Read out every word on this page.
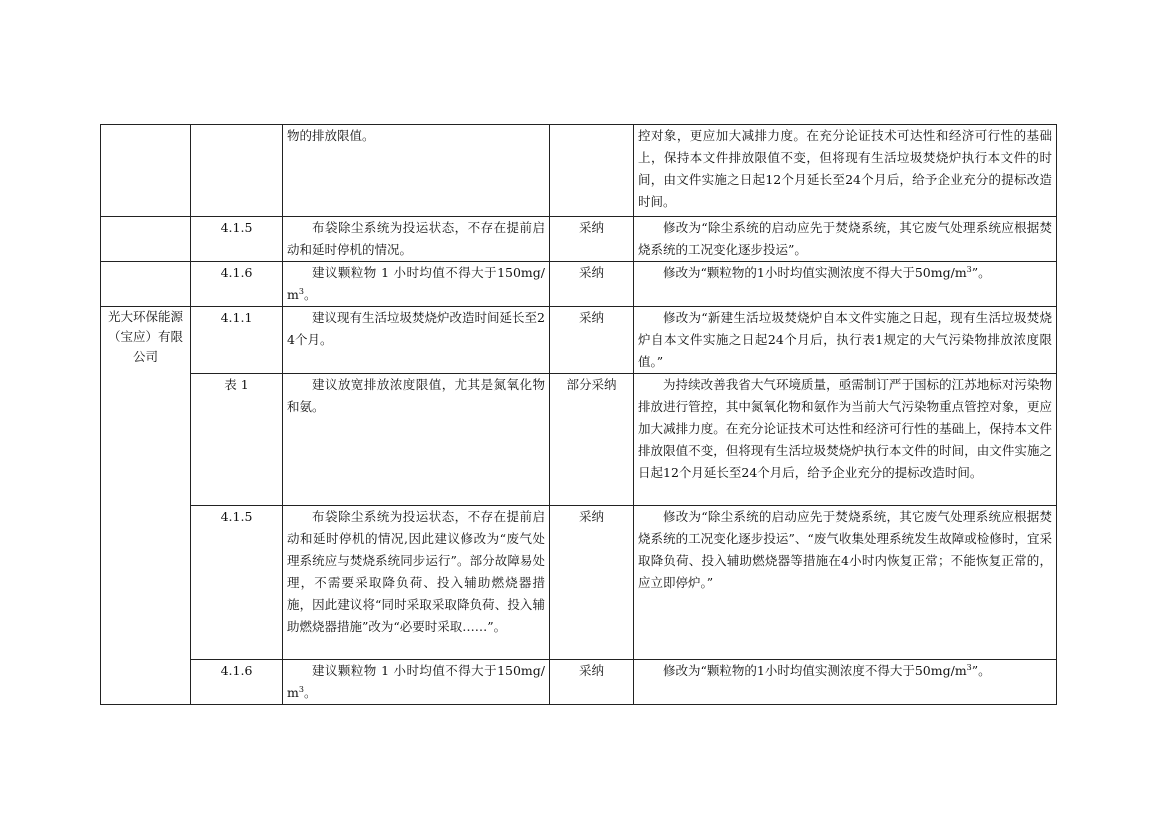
		物的排放限值。		控对象，更应加大减排力度。在充分论证技术可达性和经济可行性的基础上，保持本文件排放限值不变，但将现有生活垃圾焚烧炉执行本文件的时间，由文件实施之日起12个月延长至24个月后，给予企业充分的提标改造时间。
	4.1.5	布袋除尘系统为投运状态，不存在提前启动和延时停机的情况。	采纳	修改为“除尘系统的启动应先于焚烧系统，其它废气处理系统应根据焚烧系统的工况变化逐步投运”。
	4.1.6	建议颗粒物 1 小时均值不得大于$150mg/m^3$。	采纳	修改为“颗粒物的1小时均值实测浓度不得大于$50mg/m^3$”。
光大环保能源（宝应）有限公司	4.1.1	建议现有生活垃圾焚烧炉改造时间延长至24个月。	采纳	修改为“新建生活垃圾焚烧炉自本文件实施之日起，现有生活垃圾焚烧炉自本文件实施之日起24个月后，执行表1规定的大气污染物排放浓度限值。”
	表 1	建议放宽排放浓度限值，尤其是氮氧化物和氨。	部分采纳	为持续改善我省大气环境质量，亟需制订严于国标的江苏地标对污染物排放进行管控，其中氮氧化物和氨作为当前大气污染物重点管控对象，更应加大减排力度。在充分论证技术可达性和经济可行性的基础上，保持本文件排放限值不变，但将现有生活垃圾焚烧炉执行本文件的时间，由文件实施之日起12个月延长至24个月后，给予企业充分的提标改造时间。
	4.1.5	布袋除尘系统为投运状态，不存在提前启动和延时停机的情况,因此建议修改为“废气处理系统应与焚烧系统同步运行”。部分故障易处理，不需要采取降负荷、投入辅助燃烧器措施，因此建议将“同时采取采取降负荷、投入辅助燃烧器措施”改为“必要时采取……”。	采纳	修改为“除尘系统的启动应先于焚烧系统，其它废气处理系统应根据焚烧系统的工况变化逐步投运”、“废气收集处理系统发生故障或检修时，宜采取降负荷、投入辅助燃烧器等措施在4小时内恢复正常；不能恢复正常的，应立即停炉。”
	4.1.6	建议颗粒物 1 小时均值不得大于$150mg/m^3$。	采纳	修改为“颗粒物的1小时均值实测浓度不得大于$50mg/m^3$”。
